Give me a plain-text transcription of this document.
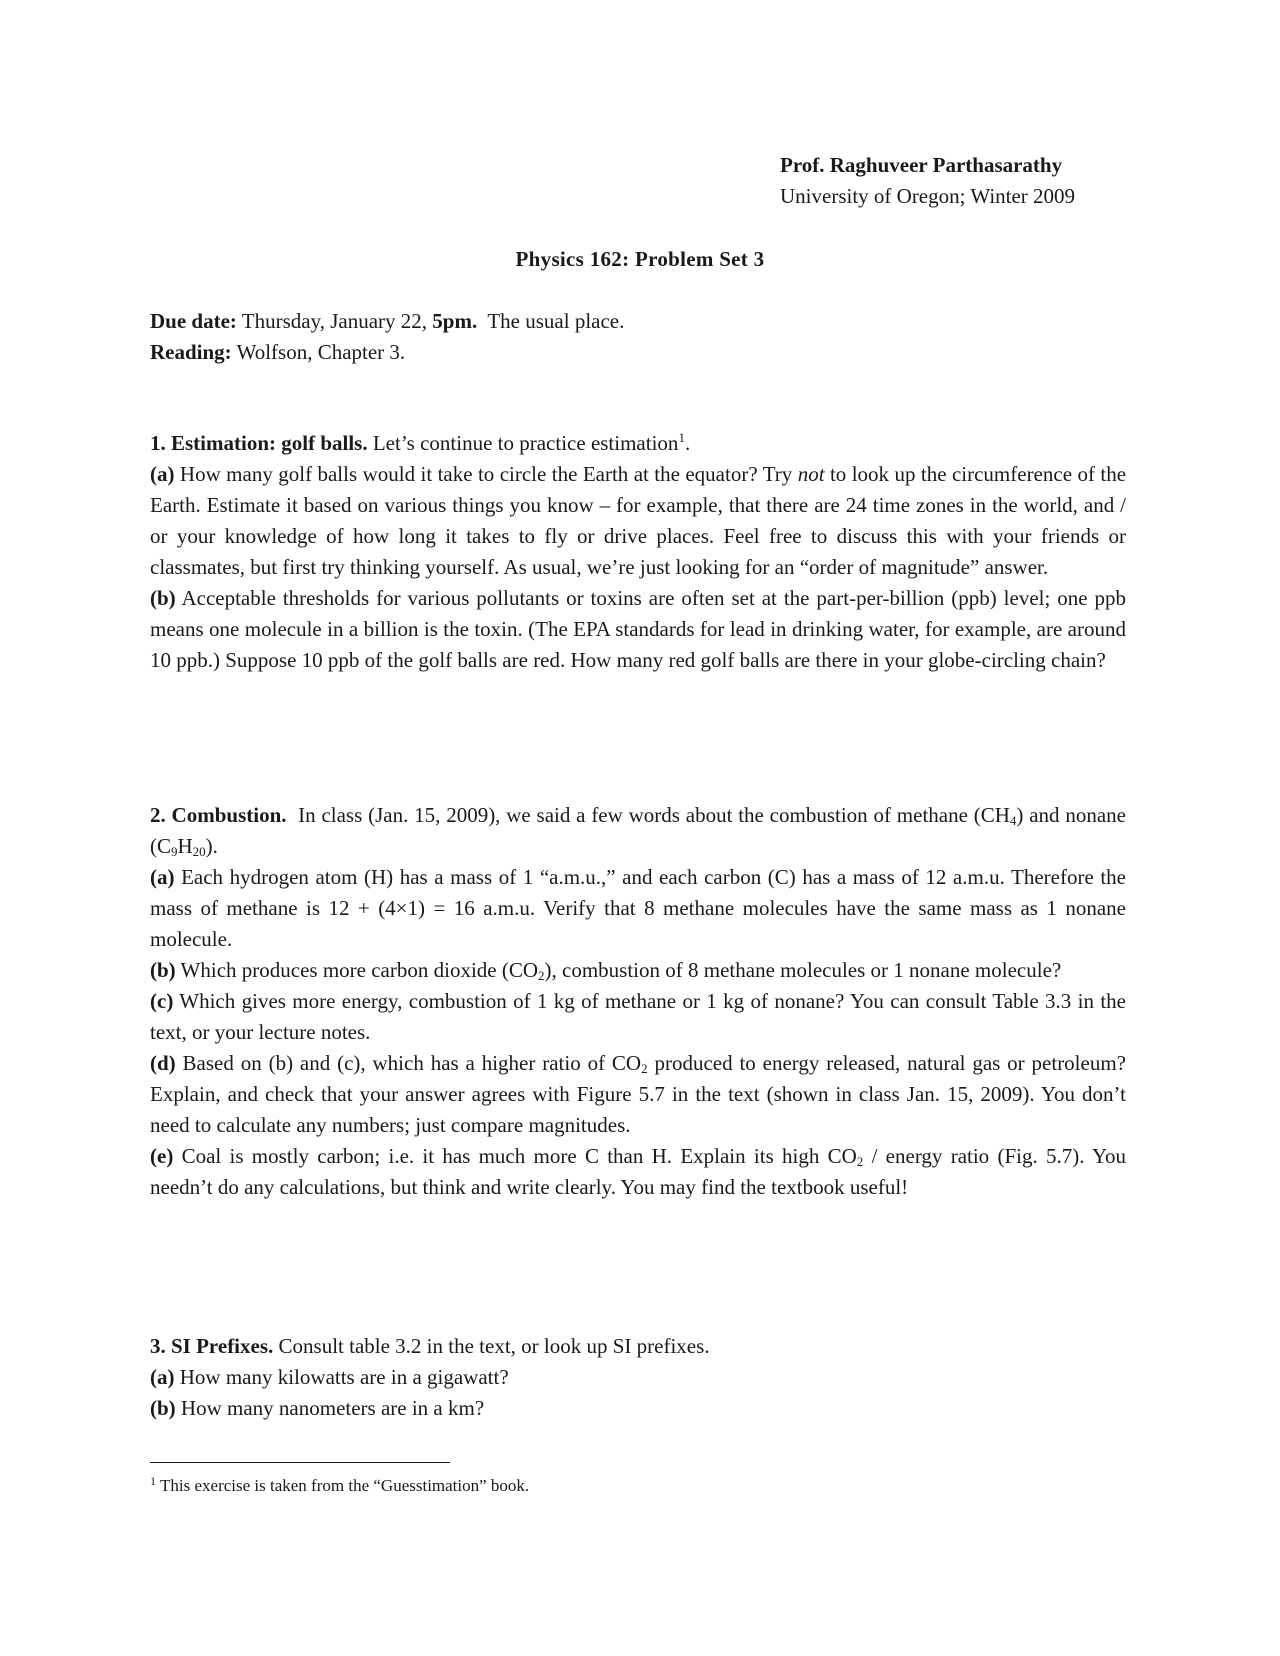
Prof. Raghuveer Parthasarathy
University of Oregon; Winter 2009
Physics 162: Problem Set 3
Due date: Thursday, January 22, 5pm. The usual place.
Reading: Wolfson, Chapter 3.

1. Estimation: golf balls. Let’s continue to practice estimation$^1$.

(a) How many golf balls would it take to circle the Earth at the equator? Try not to look up the circumference of the Earth. Estimate it based on various things you know – for example, that there are 24 time zones in the world, and / or your knowledge of how long it takes to fly or drive places. Feel free to discuss this with your friends or classmates, but first try thinking yourself. As usual, we’re just looking for an “order of magnitude” answer.

(b) Acceptable thresholds for various pollutants or toxins are often set at the part-per-billion (ppb) level; one ppb means one molecule in a billion is the toxin. (The EPA standards for lead in drinking water, for example, are around 10 ppb.) Suppose 10 ppb of the golf balls are red. How many red golf balls are there in your globe-circling chain?

2. Combustion. In class (Jan. 15, 2009), we said a few words about the combustion of methane $(CH_4)$ and nonane $(C_9H_{20})$.

(a) Each hydrogen atom (H) has a mass of 1 “a.m.u.,” and each carbon (C) has a mass of 12 a.m.u. Therefore the mass of methane is 12 + (4×1) = 16 a.m.u. Verify that 8 methane molecules have the same mass as 1 nonane molecule.

(b) Which produces more carbon dioxide $(CO_2)$, combustion of 8 methane molecules or 1 nonane molecule?

(c) Which gives more energy, combustion of 1 kg of methane or 1 kg of nonane? You can consult Table 3.3 in the text, or your lecture notes.

(d) Based on (b) and (c), which has a higher ratio of $CO_2$ produced to energy released, natural gas or petroleum? Explain, and check that your answer agrees with Figure 5.7 in the text (shown in class Jan. 15, 2009). You don’t need to calculate any numbers; just compare magnitudes.

(e) Coal is mostly carbon; i.e. it has much more C than H. Explain its high $CO_2$ / energy ratio (Fig. 5.7). You needn’t do any calculations, but think and write clearly. You may find the textbook useful!

3. SI Prefixes. Consult table 3.2 in the text, or look up SI prefixes.

(a) How many kilowatts are in a gigawatt?

(b) How many nanometers are in a km?

$^1$ This exercise is taken from the “Guesstimation” book.
